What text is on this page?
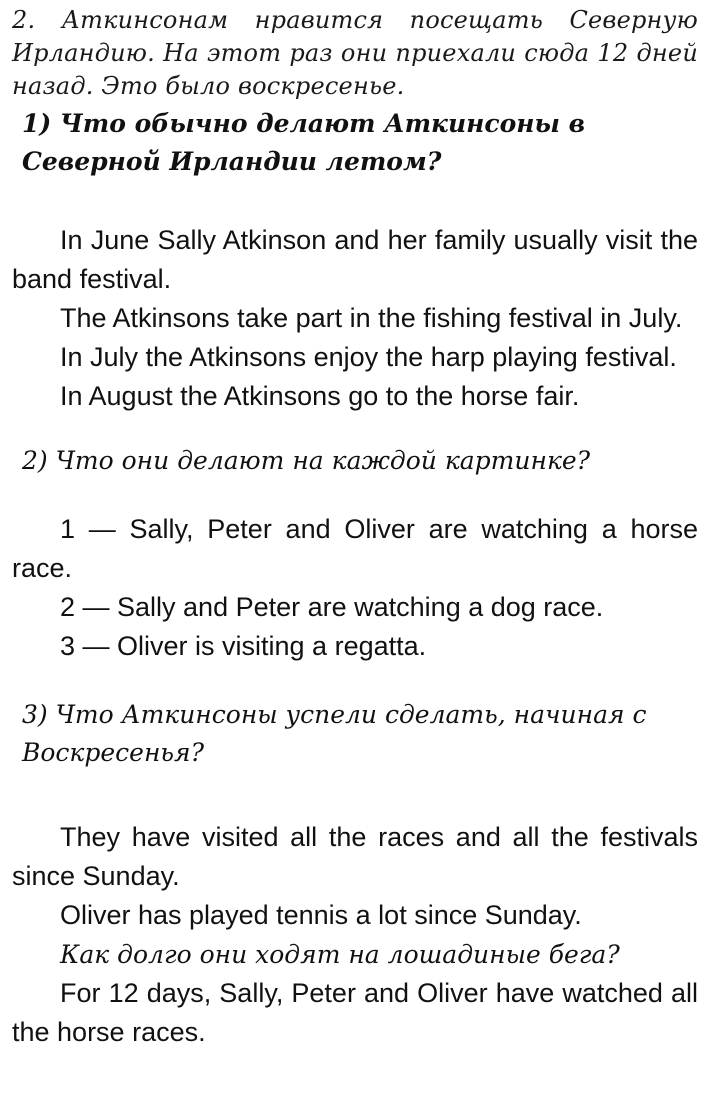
2. Аткинсонам нравится посещать Северную Ирландию. На этот раз они приехали сюда 12 дней назад. Это было воскресенье.

1) Что обычно делают Аткинсоны в Северной Ирландии летом?

In June Sally Atkinson and her family usually visit the band festival.

The Atkinsons take part in the fishing festival in July.

In July the Atkinsons enjoy the harp playing festival.

In August the Atkinsons go to the horse fair.

2) Что они делают на каждой картинке?

1 — Sally, Peter and Oliver are watching a horse race.

2 — Sally and Peter are watching a dog race.

3 — Oliver is visiting a regatta.

3) Что Аткинсоны успели сделать, начиная с Воскресенья?

They have visited all the races and all the festivals since Sunday.

Oliver has played tennis a lot since Sunday.

Как долго они ходят на лошадиные бега?

For 12 days, Sally, Peter and Oliver have watched all the horse races.
